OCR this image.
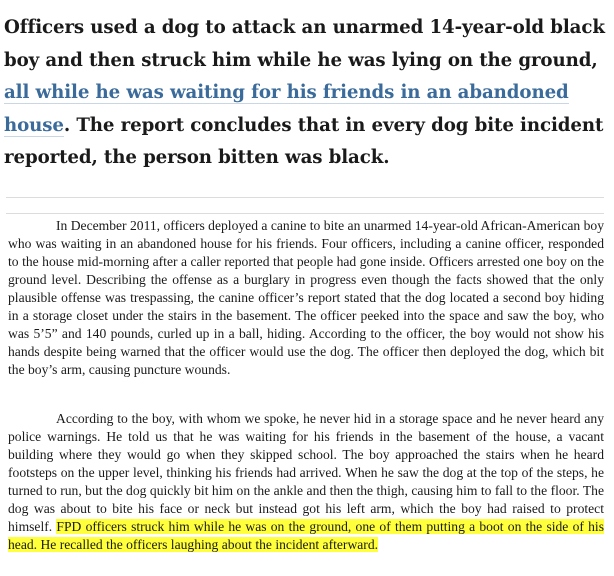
Officers used a dog to attack an unarmed 14-year-old black boy and then struck him while he was lying on the ground, all while he was waiting for his friends in an abandoned house. The report concludes that in every dog bite incident reported, the person bitten was black.

In December 2011, officers deployed a canine to bite an unarmed 14-year-old African-American boy who was waiting in an abandoned house for his friends. Four officers, including a canine officer, responded to the house mid-morning after a caller reported that people had gone inside. Officers arrested one boy on the ground level. Describing the offense as a burglary in progress even though the facts showed that the only plausible offense was trespassing, the canine officer’s report stated that the dog located a second boy hiding in a storage closet under the stairs in the basement. The officer peeked into the space and saw the boy, who was 5’5” and 140 pounds, curled up in a ball, hiding. According to the officer, the boy would not show his hands despite being warned that the officer would use the dog. The officer then deployed the dog, which bit the boy’s arm, causing puncture wounds.

According to the boy, with whom we spoke, he never hid in a storage space and he never heard any police warnings. He told us that he was waiting for his friends in the basement of the house, a vacant building where they would go when they skipped school. The boy approached the stairs when he heard footsteps on the upper level, thinking his friends had arrived. When he saw the dog at the top of the steps, he turned to run, but the dog quickly bit him on the ankle and then the thigh, causing him to fall to the floor. The dog was about to bite his face or neck but instead got his left arm, which the boy had raised to protect himself. FPD officers struck him while he was on the ground, one of them putting a boot on the side of his head. He recalled the officers laughing about the incident afterward.
